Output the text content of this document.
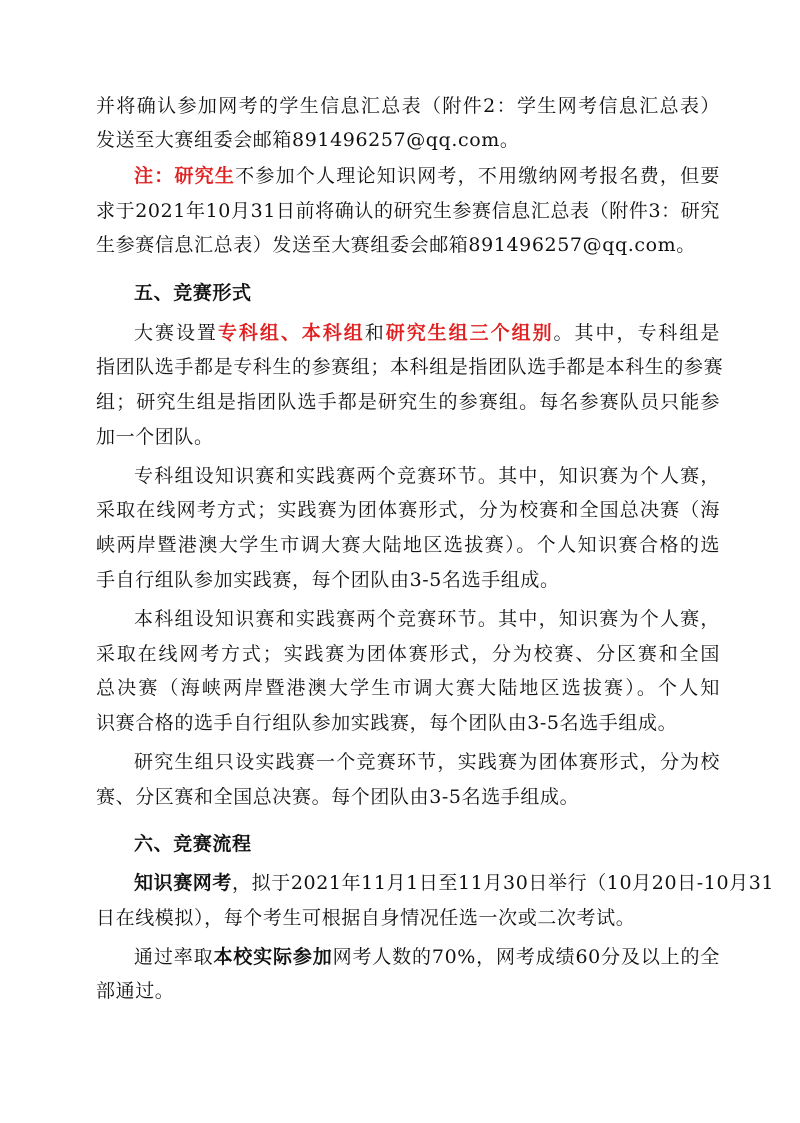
并将确认参加网考的学生信息汇总表（附件2：学生网考信息汇总表）
发送至大赛组委会邮箱891496257@qq.com。
注：研究生不参加个人理论知识网考，不用缴纳网考报名费，但要
求于2021年10月31日前将确认的研究生参赛信息汇总表（附件3：研究
生参赛信息汇总表）发送至大赛组委会邮箱891496257@qq.com。
五、竞赛形式
大赛设置专科组、本科组和研究生组三个组别。其中，专科组是
指团队选手都是专科生的参赛组；本科组是指团队选手都是本科生的参赛
组；研究生组是指团队选手都是研究生的参赛组。每名参赛队员只能参
加一个团队。
专科组设知识赛和实践赛两个竞赛环节。其中，知识赛为个人赛，
采取在线网考方式；实践赛为团体赛形式，分为校赛和全国总决赛（海
峡两岸暨港澳大学生市调大赛大陆地区选拔赛）。个人知识赛合格的选
手自行组队参加实践赛，每个团队由3-5名选手组成。
本科组设知识赛和实践赛两个竞赛环节。其中，知识赛为个人赛，
采取在线网考方式；实践赛为团体赛形式，分为校赛、分区赛和全国
总决赛（海峡两岸暨港澳大学生市调大赛大陆地区选拔赛）。个人知
识赛合格的选手自行组队参加实践赛，每个团队由3-5名选手组成。
研究生组只设实践赛一个竞赛环节，实践赛为团体赛形式，分为校
赛、分区赛和全国总决赛。每个团队由3-5名选手组成。
六、竞赛流程
知识赛网考，拟于2021年11月1日至11月30日举行（10月20日-10月31
日在线模拟），每个考生可根据自身情况任选一次或二次考试。
通过率取本校实际参加网考人数的70%，网考成绩60分及以上的全
部通过。
